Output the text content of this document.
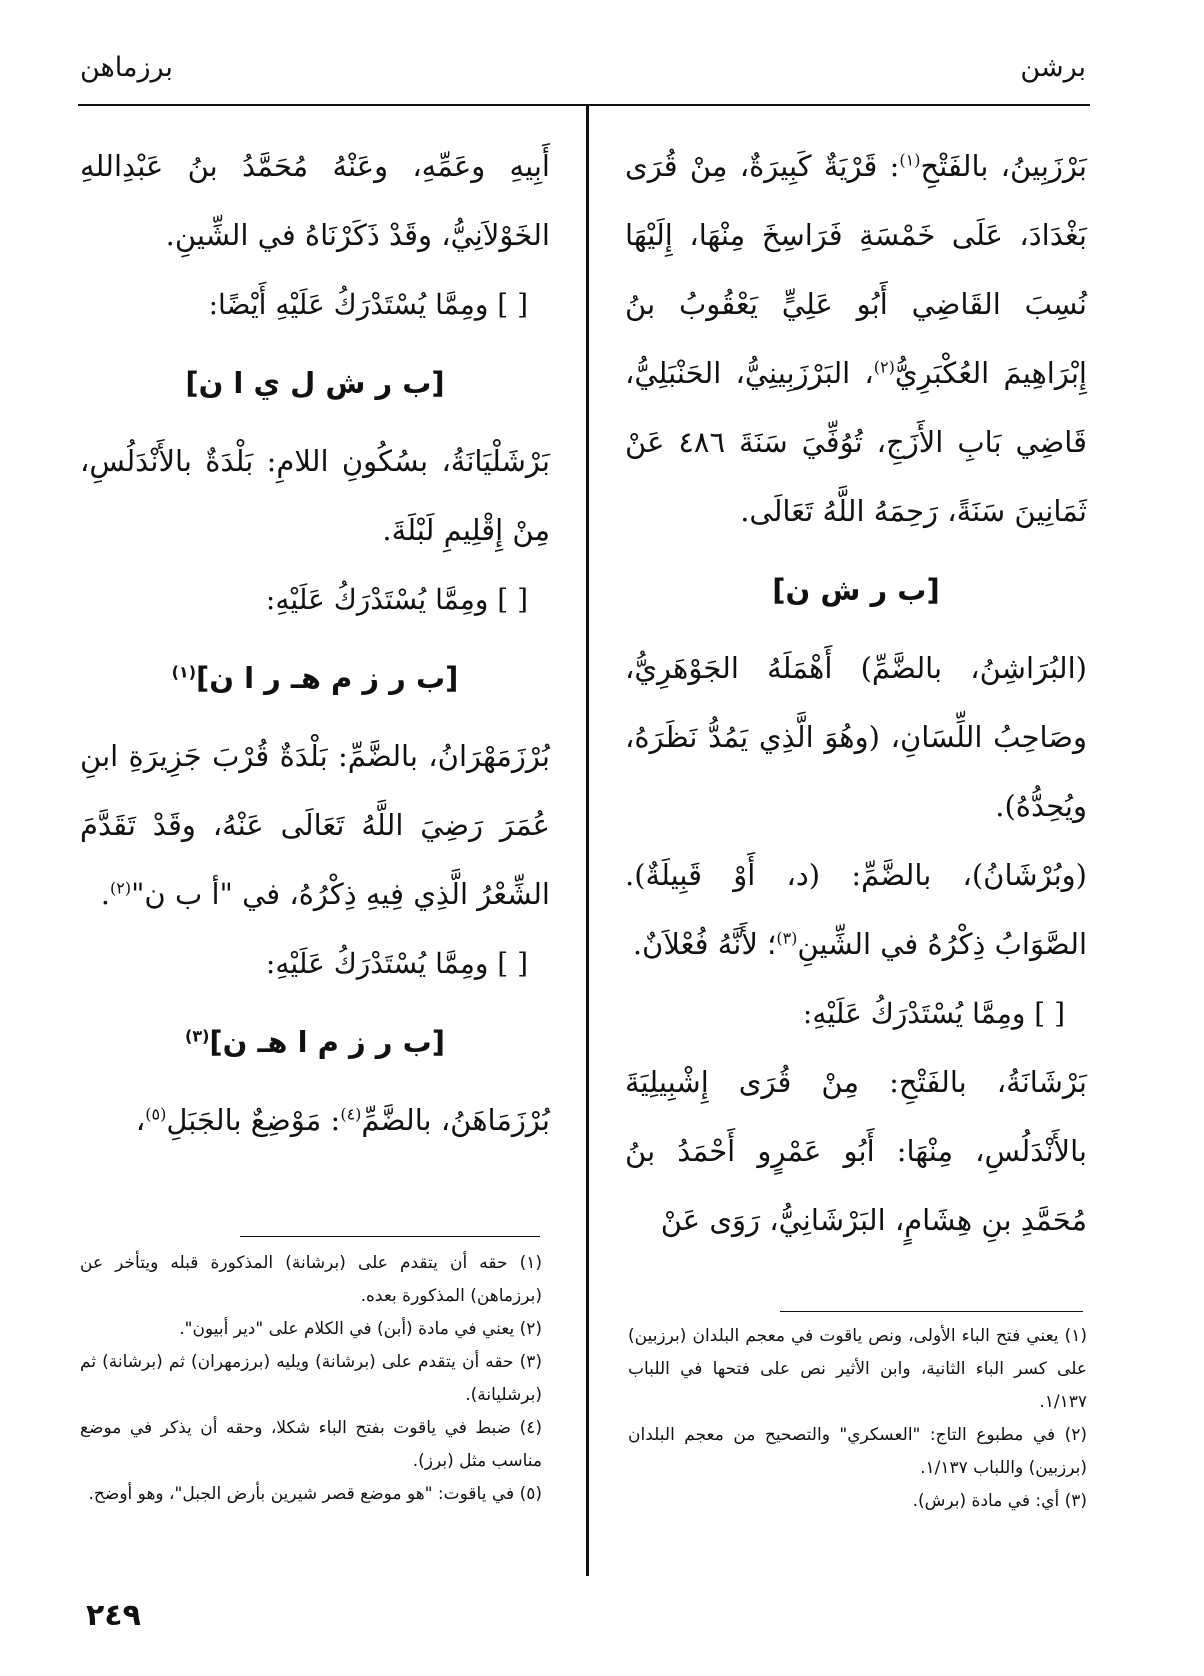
برشن
برزماهن

بَرْزَبِينُ، بالفَتْحِ$^{(١)}$: قَرْيَةٌ كَبِيرَةٌ، مِنْ قُرَى بَغْدَادَ، عَلَى خَمْسَةِ فَرَاسِخَ مِنْهَا، إِلَيْهَا نُسِبَ القَاضِي أَبُو عَلِيٍّ يَعْقُوبُ بنُ إِبْرَاهِيمَ العُكْبَرِيُّ$^{(٢)}$، البَرْزَبِينِيُّ، الحَنْبَلِيُّ، قَاضِي بَابِ الأَزَجِ، تُوُفِّيَ سَنَةَ ٤٨٦ عَنْ ثَمَانِينَ سَنَةً، رَحِمَهُ اللَّهُ تَعَالَى.

[ب ر ش ن]

(البُرَاشِنُ، بالضَّمِّ) أَهْمَلَهُ الجَوْهَرِيُّ، وصَاحِبُ اللِّسَانِ، (وهُوَ الَّذِي يَمُدُّ نَظَرَهُ، ويُحِدُّهُ).

(وبُرْشَانُ)، بالضَّمِّ: (د، أَوْ قَبِيلَةٌ). الصَّوَابُ ذِكْرُهُ في الشِّينِ$^{(٣)}$؛ لأَنَّهُ فُعْلاَنٌ.

[ ] ومِمَّا يُسْتَدْرَكُ عَلَيْهِ:

بَرْشَانَةُ، بالفَتْحِ: مِنْ قُرَى إِشْبِيلِيَةَ بالأَنْدَلُسِ، مِنْهَا: أَبُو عَمْرٍو أَحْمَدُ بنُ مُحَمَّدِ بنِ هِشَامٍ، البَرْشَانِيُّ، رَوَى عَنْ

أَبِيهِ وعَمِّهِ، وعَنْهُ مُحَمَّدُ بنُ عَبْدِاللهِ الخَوْلاَنِيُّ، وقَدْ ذَكَرْنَاهُ في الشِّينِ.

[ ] ومِمَّا يُسْتَدْرَكُ عَلَيْهِ أَيْضًا:

[ب ر ش ل ي ا ن]

بَرْشَلْيَانَةُ، بسُكُونِ اللامِ: بَلْدَةٌ بالأَنْدَلُسِ، مِنْ إِقْلِيمِ لَبْلَةَ.

[ ] ومِمَّا يُسْتَدْرَكُ عَلَيْهِ:

[ب ر ز م هـ ر ا ن]$^{(١)}$

بُرْزَمَهْرَانُ، بالضَّمِّ: بَلْدَةٌ قُرْبَ جَزِيرَةِ ابنِ عُمَرَ رَضِيَ اللَّهُ تَعَالَى عَنْهُ، وقَدْ تَقَدَّمَ الشِّعْرُ الَّذِي فِيهِ ذِكْرُهُ، في "أ ب ن"$^{(٢)}$.

[ ] ومِمَّا يُسْتَدْرَكُ عَلَيْهِ:

[ب ر ز م ا هـ ن]$^{(٣)}$

بُرْزَمَاهَنُ، بالضَّمِّ$^{(٤)}$: مَوْضِعٌ بالجَبَلِ$^{(٥)}$،

(١) يعني فتح الباء الأولى، ونص ياقوت في معجم البلدان (برزبين) على كسر الباء الثانية، وابن الأثير نص على فتحها في اللباب ١/١٣٧.

(٢) في مطبوع التاج: "العسكري" والتصحيح من معجم البلدان (برزبين) واللباب ١/١٣٧.

(٣) أي: في مادة (برش).

(١) حقه أن يتقدم على (برشانة) المذكورة قبله ويتأخر عن (برزماهن) المذكورة بعده.

(٢) يعني في مادة (أبن) في الكلام على "دير أبيون".

(٣) حقه أن يتقدم على (برشانة) ويليه (برزمهران) ثم (برشانة) ثم (برشليانة).

(٤) ضبط في ياقوت بفتح الباء شكلا، وحقه أن يذكر في موضع مناسب مثل (برز).

(٥) في ياقوت: "هو موضع قصر شيرين بأرض الجبل"، وهو أوضح.

٢٤٩
